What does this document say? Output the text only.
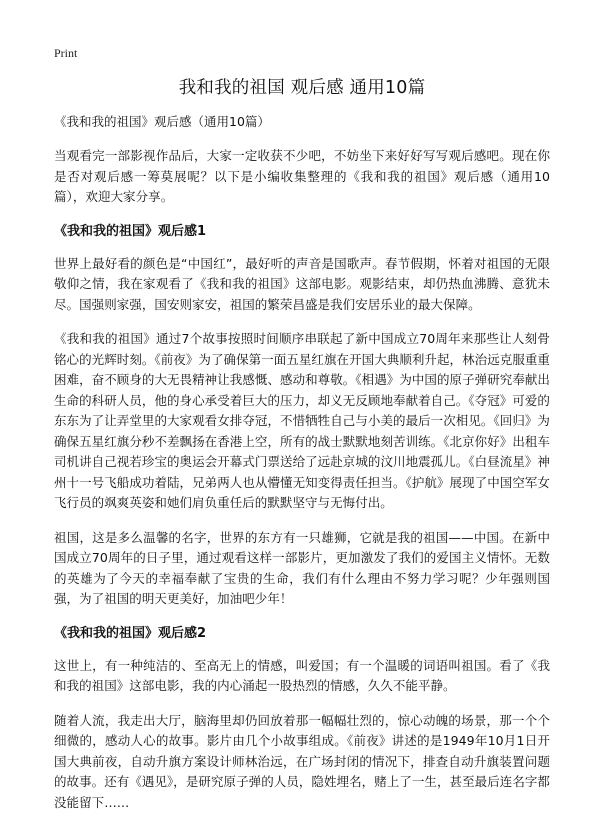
Print
我和我的祖国 观后感 通用10篇
《我和我的祖国》观后感（通用10篇）

当观看完一部影视作品后，大家一定收获不少吧，不妨坐下来好好写写观后感吧。现在你是否对观后感一筹莫展呢？以下是小编收集整理的《我和我的祖国》观后感（通用10篇），欢迎大家分享。

《我和我的祖国》观后感1

世界上最好看的颜色是“中国红”，最好听的声音是国歌声。春节假期，怀着对祖国的无限敬仰之情，我在家观看了《我和我的祖国》这部电影。观影结束，却仍热血沸腾、意犹未尽。国强则家强，国安则家安，祖国的繁荣昌盛是我们安居乐业的最大保障。

《我和我的祖国》通过7个故事按照时间顺序串联起了新中国成立70周年来那些让人刻骨铭心的光辉时刻。《前夜》为了确保第一面五星红旗在开国大典顺利升起，林治远克服重重困难，奋不顾身的大无畏精神让我感慨、感动和尊敬。《相遇》为中国的原子弹研究奉献出生命的科研人员，他的身心承受着巨大的压力，却义无反顾地奉献着自己。《夺冠》可爱的东东为了让弄堂里的大家观看女排夺冠，不惜牺牲自己与小美的最后一次相见。《回归》为确保五星红旗分秒不差飘扬在香港上空，所有的战士默默地刻苦训练。《北京你好》出租车司机讲自己视若珍宝的奥运会开幕式门票送给了远赴京城的汶川地震孤儿。《白昼流星》神州十一号飞船成功着陆，兄弟两人也从懵懂无知变得责任担当。《护航》展现了中国空军女飞行员的飒爽英姿和她们肩负重任后的默默坚守与无悔付出。

祖国，这是多么温馨的名字，世界的东方有一只雄狮，它就是我的祖国——中国。在新中国成立70周年的日子里，通过观看这样一部影片，更加激发了我们的爱国主义情怀。无数的英雄为了今天的幸福奉献了宝贵的生命，我们有什么理由不努力学习呢？少年强则国强，为了祖国的明天更美好，加油吧少年！

《我和我的祖国》观后感2

这世上，有一种纯洁的、至高无上的情感，叫爱国；有一个温暖的词语叫祖国。看了《我和我的祖国》这部电影，我的内心涌起一股热烈的情感，久久不能平静。

随着人流，我走出大厅，脑海里却仍回放着那一幅幅壮烈的，惊心动魄的场景，那一个个细微的，感动人心的故事。影片由几个小故事组成。《前夜》讲述的是1949年10月1日开国大典前夜，自动升旗方案设计师林治远，在广场封闭的情况下，排查自动升旗装置问题的故事。还有《遇见》，是研究原子弹的人员，隐姓埋名，赌上了一生，甚至最后连名字都没能留下……
